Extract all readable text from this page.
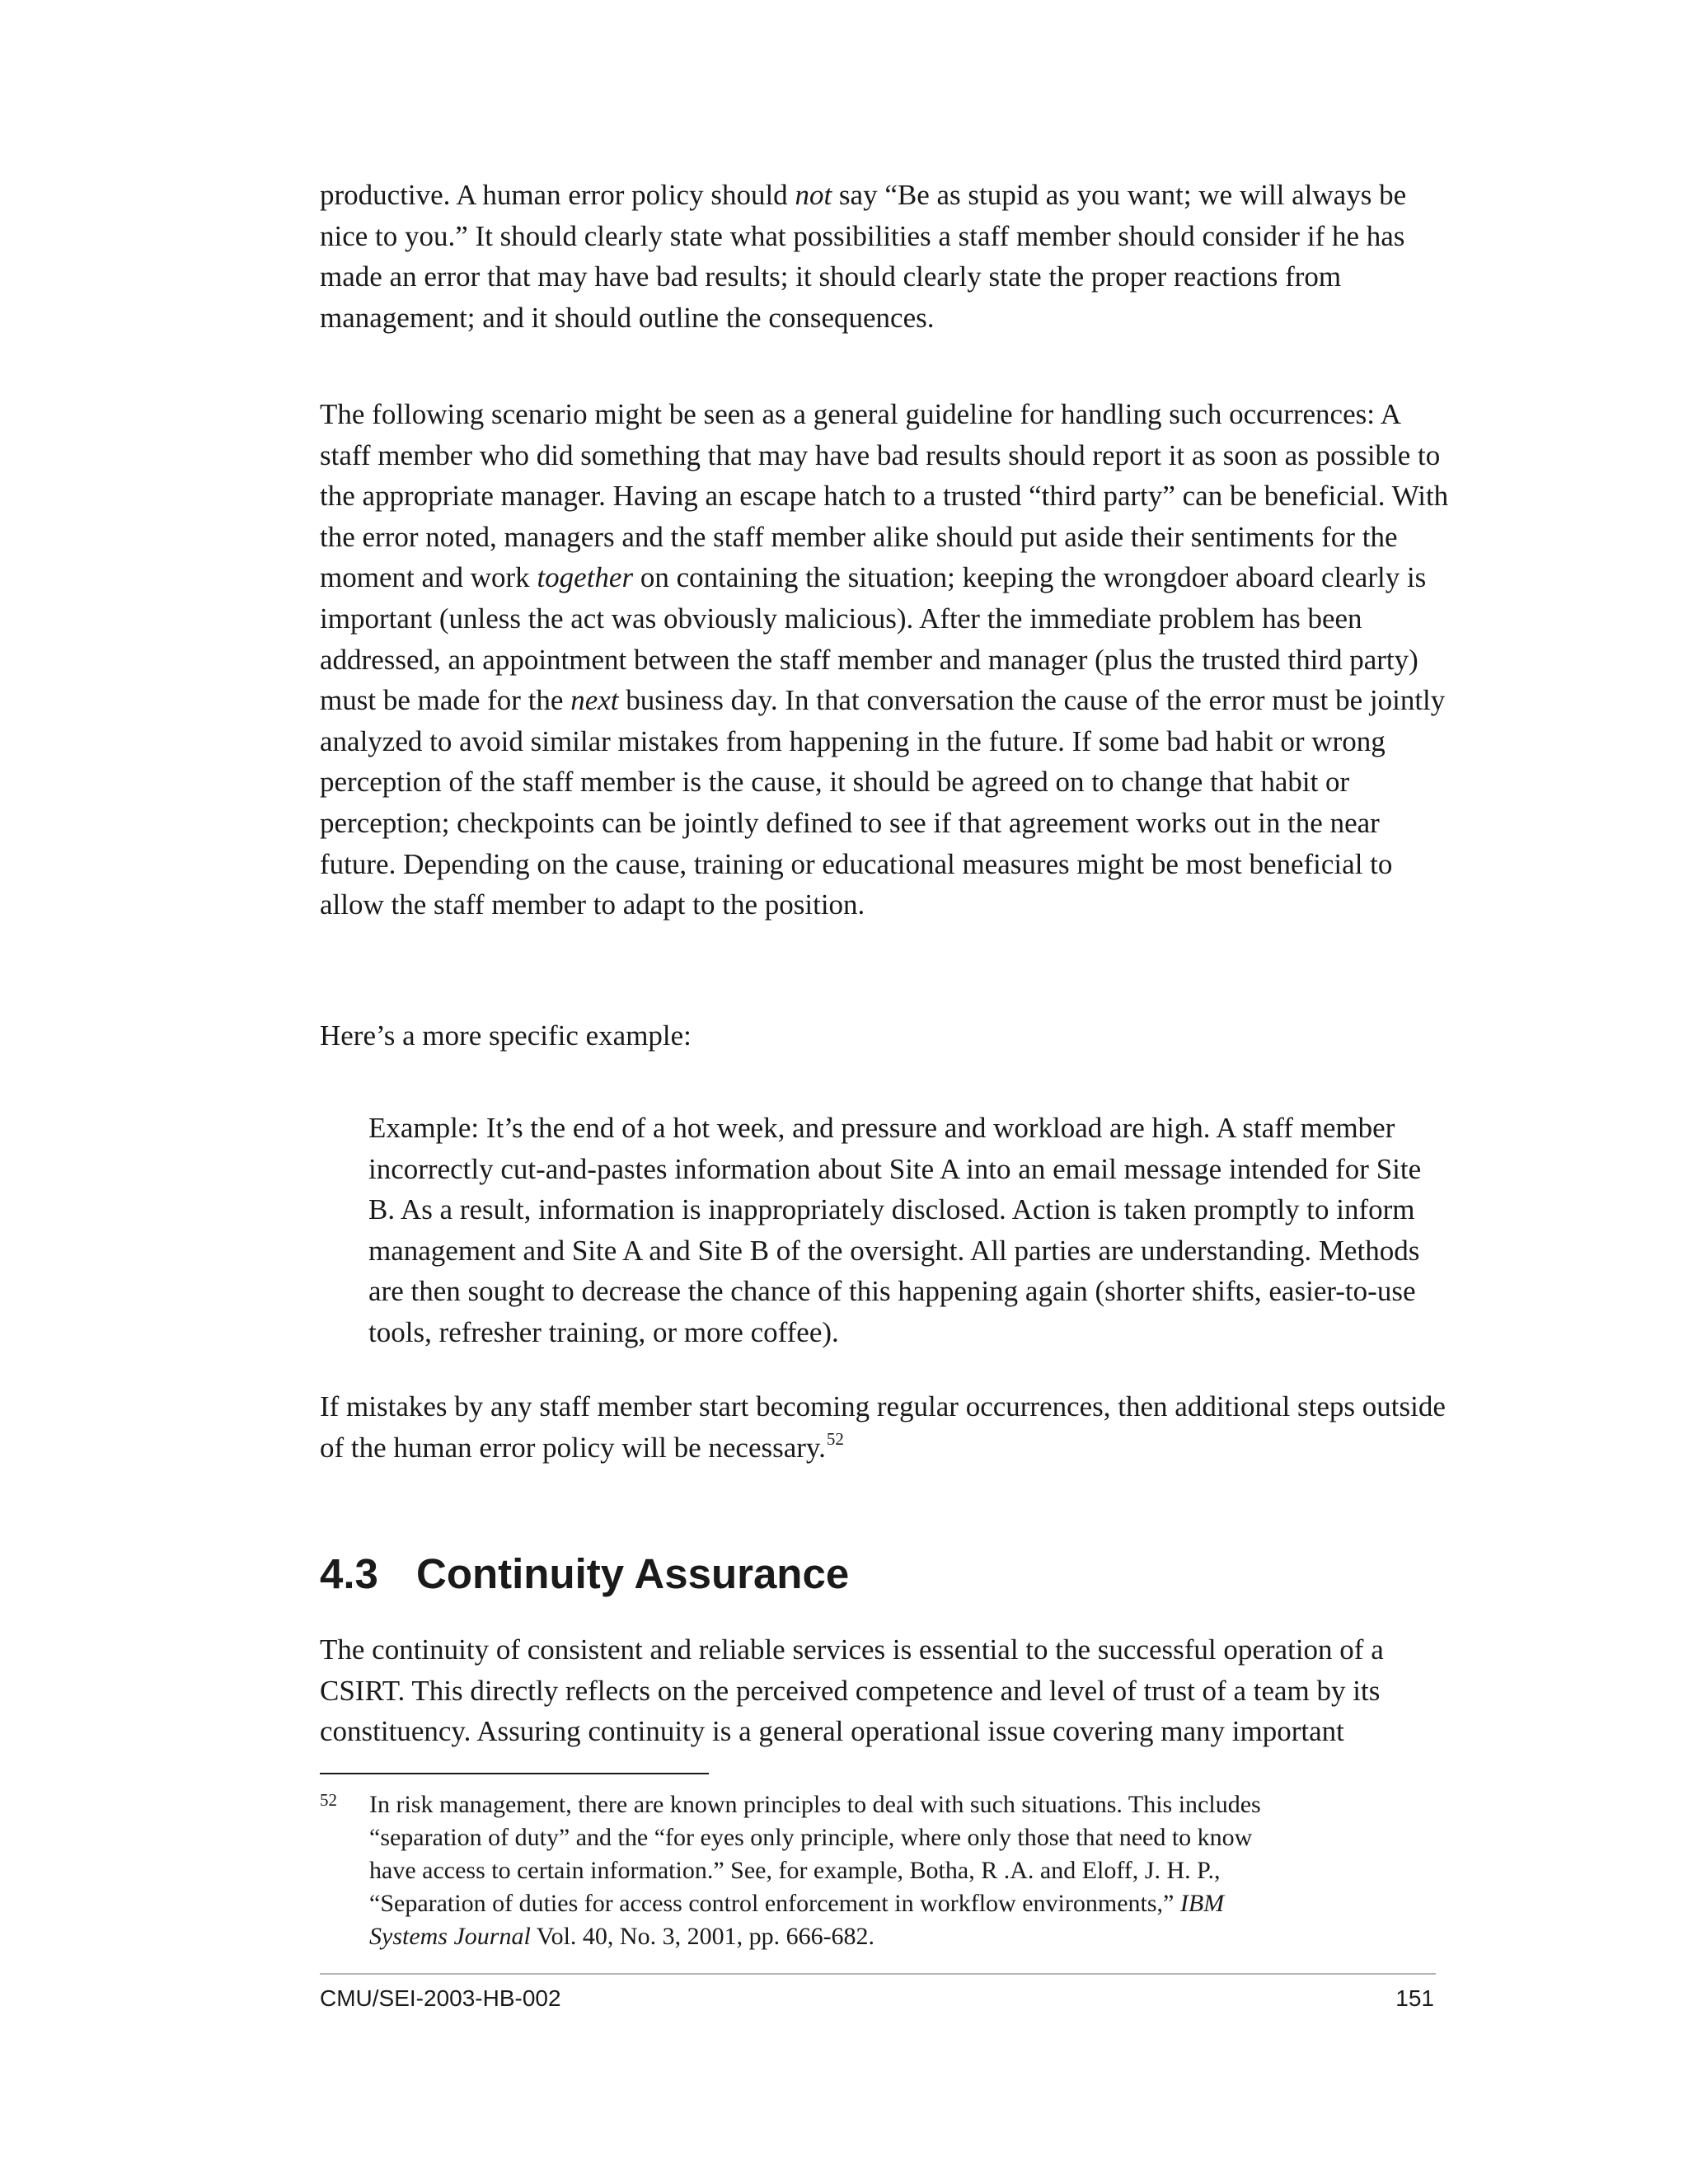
productive. A human error policy should not say “Be as stupid as you want; we will always be nice to you.” It should clearly state what possibilities a staff member should consider if he has made an error that may have bad results; it should clearly state the proper reactions from management; and it should outline the consequences.

The following scenario might be seen as a general guideline for handling such occurrences: A staff member who did something that may have bad results should report it as soon as possible to the appropriate manager. Having an escape hatch to a trusted “third party” can be beneficial. With the error noted, managers and the staff member alike should put aside their sentiments for the moment and work together on containing the situation; keeping the wrongdoer aboard clearly is important (unless the act was obviously malicious). After the immediate problem has been addressed, an appointment between the staff member and manager (plus the trusted third party) must be made for the next business day. In that conversation the cause of the error must be jointly analyzed to avoid similar mistakes from happening in the future. If some bad habit or wrong perception of the staff member is the cause, it should be agreed on to change that habit or perception; checkpoints can be jointly defined to see if that agreement works out in the near future. Depending on the cause, training or educational measures might be most beneficial to allow the staff member to adapt to the position.

Here’s a more specific example:

Example: It’s the end of a hot week, and pressure and workload are high. A staff member incorrectly cut-and-pastes information about Site A into an email message intended for Site B. As a result, information is inappropriately disclosed. Action is taken promptly to inform management and Site A and Site B of the oversight. All parties are understanding. Methods are then sought to decrease the chance of this happening again (shorter shifts, easier-to-use tools, refresher training, or more coffee).

If mistakes by any staff member start becoming regular occurrences, then additional steps outside of the human error policy will be necessary.$^{52}$

4.3 Continuity Assurance

The continuity of consistent and reliable services is essential to the successful operation of a CSIRT. This directly reflects on the perceived competence and level of trust of a team by its constituency. Assuring continuity is a general operational issue covering many important

52 In risk management, there are known principles to deal with such situations. This includes “separation of duty” and the “for eyes only principle, where only those that need to know have access to certain information.” See, for example, Botha, R .A. and Eloff, J. H. P., “Separation of duties for access control enforcement in workflow environments,” IBM Systems Journal Vol. 40, No. 3, 2001, pp. 666-682.

CMU/SEI-2003-HB-002	151
